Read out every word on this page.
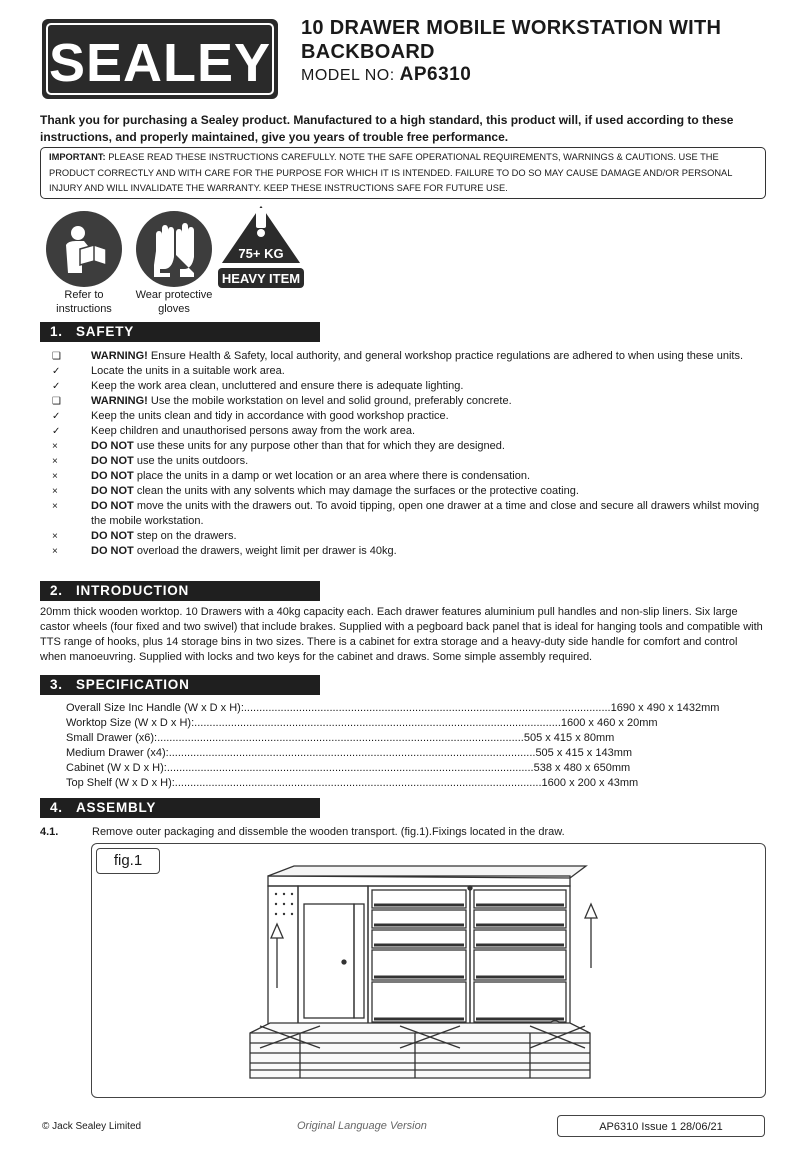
SEALEY
10 DRAWER MOBILE WORKSTATION WITH BACKBOARD
MODEL NO: AP6310
Thank you for purchasing a Sealey product. Manufactured to a high standard, this product will, if used according to these instructions, and properly maintained, give you years of trouble free performance.
IMPORTANT: PLEASE READ THESE INSTRUCTIONS CAREFULLY. NOTE THE SAFE OPERATIONAL REQUIREMENTS, WARNINGS & CAUTIONS. USE THE PRODUCT CORRECTLY AND WITH CARE FOR THE PURPOSE FOR WHICH IT IS INTENDED. FAILURE TO DO SO MAY CAUSE DAMAGE AND/OR PERSONAL INJURY AND WILL INVALIDATE THE WARRANTY. KEEP THESE INSTRUCTIONS SAFE FOR FUTURE USE.
75+ KG
HEAVY ITEM
Refer to instructions
Wear protective gloves
1. SAFETY
❑	WARNING! Ensure Health & Safety, local authority, and general workshop practice regulations are adhered to when using these units.
✓	Locate the units in a suitable work area.
✓	Keep the work area clean, uncluttered and ensure there is adequate lighting.
❑	WARNING! Use the mobile workstation on level and solid ground, preferably concrete.
✓	Keep the units clean and tidy in accordance with good workshop practice.
✓	Keep children and unauthorised persons away from the work area.
×	DO NOT use these units for any purpose other than that for which they are designed.
×	DO NOT use the units outdoors.
×	DO NOT place the units in a damp or wet location or an area where there is condensation.
×	DO NOT clean the units with any solvents which may damage the surfaces or the protective coating.
×	DO NOT move the units with the drawers out. To avoid tipping, open one drawer at a time and close and secure all drawers whilst moving the mobile workstation.
×	DO NOT step on the drawers.
×	DO NOT overload the drawers, weight limit per drawer is 40kg.
2. INTRODUCTION
20mm thick wooden worktop. 10 Drawers with a 40kg capacity each. Each drawer features aluminium pull handles and non-slip liners. Six large castor wheels (four fixed and two swivel) that include brakes. Supplied with a pegboard back panel that is ideal for hanging tools and compatible with TTS range of hooks, plus 14 storage bins in two sizes. There is a cabinet for extra storage and a heavy-duty side handle for comfort and control when manoeuvring. Supplied with locks and two keys for the cabinet and draws. Some simple assembly required.
3. SPECIFICATION
Overall Size Inc Handle (W x D x H): ........................................................................................................................ 1690 x 490 x 1432mm
Worktop Size (W x D x H): ........................................................................................................................ 1600 x 460 x 20mm
Small Drawer (x6): ........................................................................................................................ 505 x 415 x 80mm
Medium Drawer (x4): ........................................................................................................................ 505 x 415 x 143mm
Cabinet (W x D x H): ........................................................................................................................ 538 x 480 x 650mm
Top Shelf (W x D x H): ........................................................................................................................ 1600 x 200 x 43mm
4. ASSEMBLY
4.1.	Remove outer packaging and dissemble the wooden transport. (fig.1).Fixings located in the draw.
fig.1
© Jack Sealey Limited	Original Language Version	AP6310 Issue 1 28/06/21
